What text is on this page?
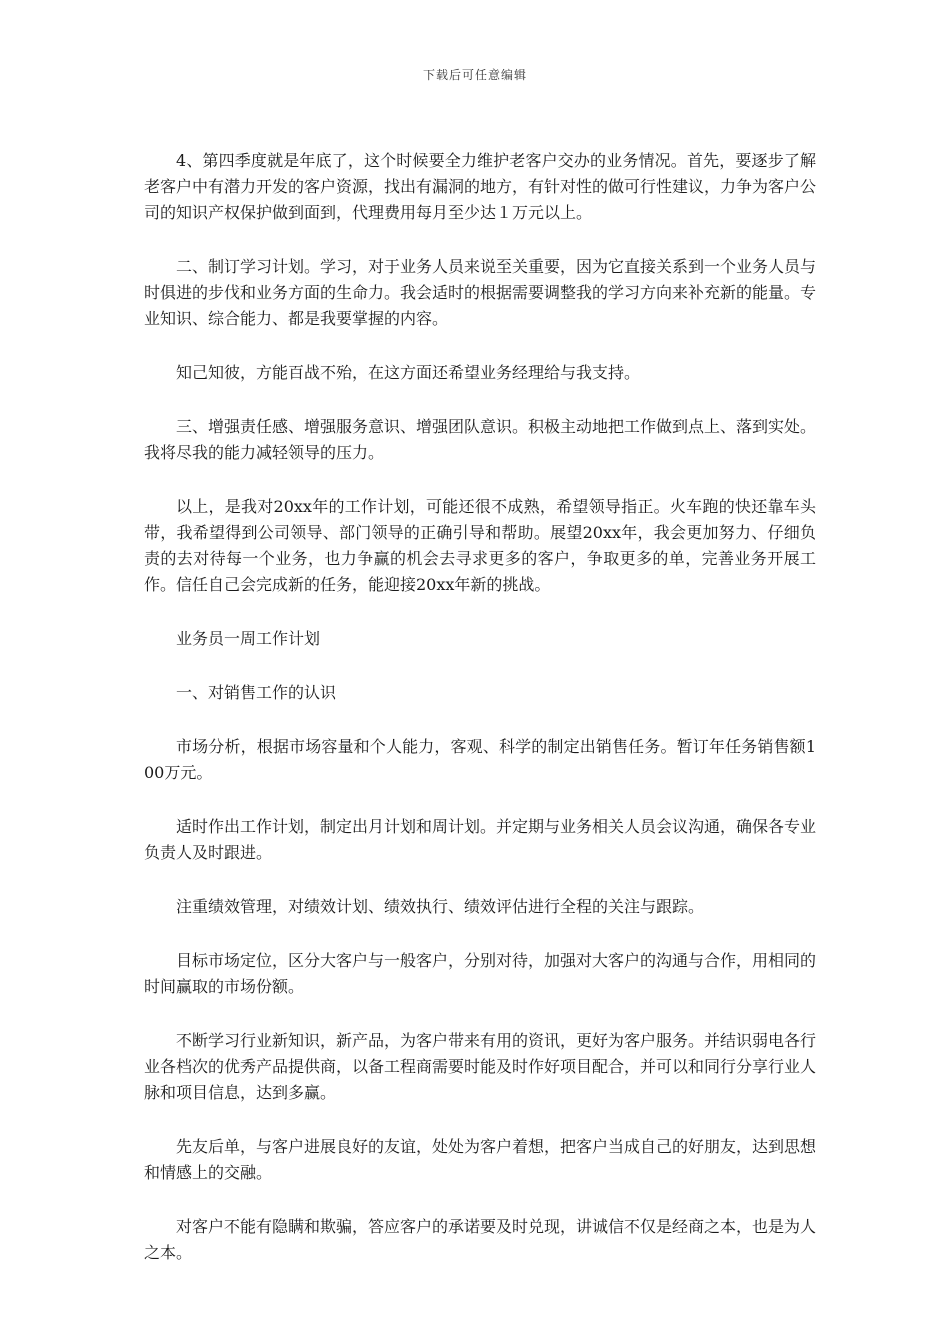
下载后可任意编辑

4、第四季度就是年底了，这个时候要全力维护老客户交办的业务情况。首先，要逐步了解老客户中有潜力开发的客户资源，找出有漏洞的地方，有针对性的做可行性建议，力争为客户公司的知识产权保护做到面到，代理费用每月至少达１万元以上。

二、制订学习计划。学习，对于业务人员来说至关重要，因为它直接关系到一个业务人员与时俱进的步伐和业务方面的生命力。我会适时的根据需要调整我的学习方向来补充新的能量。专业知识、综合能力、都是我要掌握的内容。

知己知彼，方能百战不殆，在这方面还希望业务经理给与我支持。

三、增强责任感、增强服务意识、增强团队意识。积极主动地把工作做到点上、落到实处。我将尽我的能力减轻领导的压力。

以上，是我对20xx年的工作计划，可能还很不成熟，希望领导指正。火车跑的快还靠车头带，我希望得到公司领导、部门领导的正确引导和帮助。展望20xx年，我会更加努力、仔细负责的去对待每一个业务，也力争赢的机会去寻求更多的客户，争取更多的单，完善业务开展工作。信任自己会完成新的任务，能迎接20xx年新的挑战。

业务员一周工作计划

一、对销售工作的认识

市场分析，根据市场容量和个人能力，客观、科学的制定出销售任务。暂订年任务销售额100万元。

适时作出工作计划，制定出月计划和周计划。并定期与业务相关人员会议沟通，确保各专业负责人及时跟进。

注重绩效管理，对绩效计划、绩效执行、绩效评估进行全程的关注与跟踪。

目标市场定位，区分大客户与一般客户，分别对待，加强对大客户的沟通与合作，用相同的时间赢取的市场份额。

不断学习行业新知识，新产品，为客户带来有用的资讯，更好为客户服务。并结识弱电各行业各档次的优秀产品提供商，以备工程商需要时能及时作好项目配合，并可以和同行分享行业人脉和项目信息，达到多赢。

先友后单，与客户进展良好的友谊，处处为客户着想，把客户当成自己的好朋友，达到思想和情感上的交融。

对客户不能有隐瞒和欺骗，答应客户的承诺要及时兑现，讲诚信不仅是经商之本，也是为人之本。
